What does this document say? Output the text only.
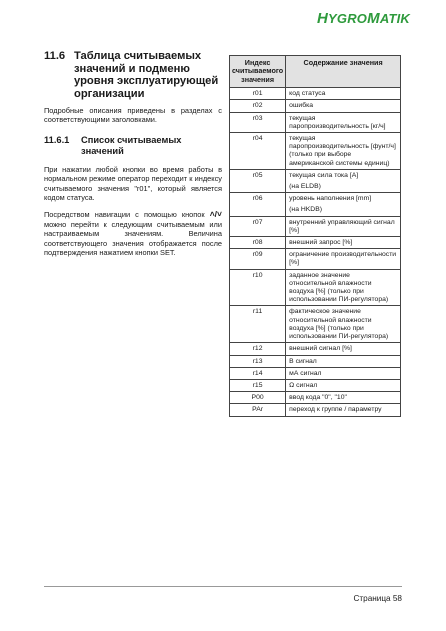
HYGROMATIK
11.6 Таблица считываемых значений и подменю уровня эксплуатирующей организации

Подробные описания приведены в разделах с соответствующими заголовками.

11.6.1	Список считываемых значений

При нажатии любой кнопки во время работы в нормальном режиме оператор переходит к индексу считываемого значения "r01", который является кодом статуса.

Посредством навигации с помощью кнопок ˄/˅ можно перейти к следующим считываемым или настраиваемым значениям. Величина соответствующего значения отображается после подтверждения нажатием кнопки SET.

Индекс считываемого значения	Содержание значения
r01	код статуса

r02	ошибка

r03	текущая паропроизводительность [кг/ч]

r04	текущая паропроизводительность [фунт/ч] (только при выборе американской системы единиц)

r05	текущая сила тока [A]
(на ELDB)

r06	уровень наполнения [mm]
(на HKDB)

r07	внутренний управляющий сигнал [%]

r08	внешний запрос [%]

r09	ограничение производительности [%]

r10	заданное значение относительной влажности воздуха [%] (только при использовании ПИ-регулятора)

r11	фактическое значение относительной влажности воздуха [%] (только при использовании ПИ-регулятора)

r12	внешний сигнал [%]

r13	В сигнал

r14	мА сигнал

r15	Ω сигнал

P00	ввод кода "0", "10"

PAr	переход к группе / параметру
Страница 58
